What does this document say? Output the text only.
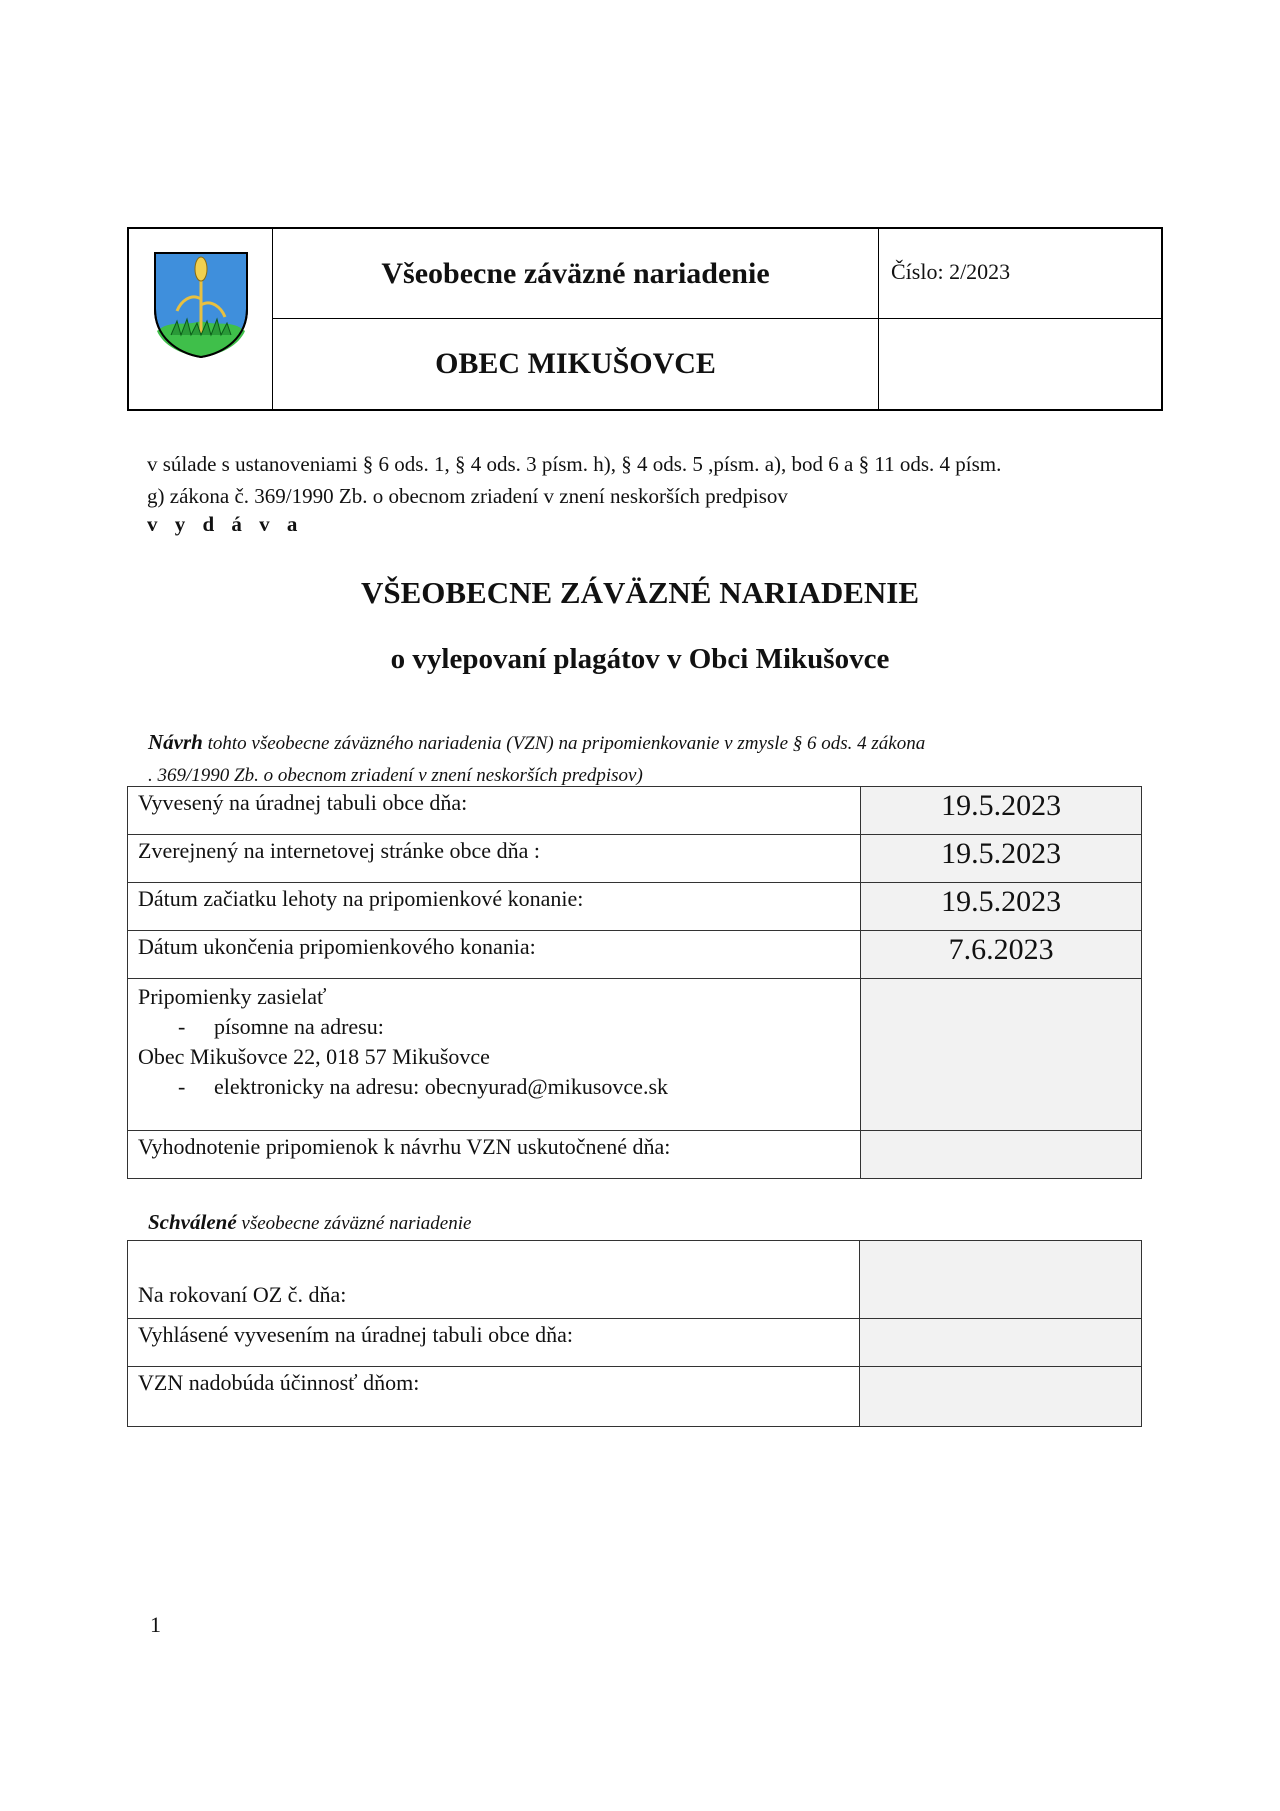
Všeobecne záväzné nariadenie	Číslo: 2/2023
OBEC MIKUŠOVCE
v súlade s ustanoveniami § 6 ods. 1, § 4 ods. 3 písm. h), § 4 ods. 5 ,písm. a), bod 6 a § 11 ods. 4 písm.
g) zákona č. 369/1990 Zb. o obecnom zriadení v znení neskorších predpisov
v y d á v a
VŠEOBECNE ZÁVÄZNÉ NARIADENIE
o vylepovaní plagátov v Obci Mikušovce
Návrh tohto všeobecne záväzného nariadenia (VZN) na pripomienkovanie v zmysle § 6 ods. 4 zákona
. 369/1990 Zb. o obecnom zriadení v znení neskorších predpisov)
Vyvesený na úradnej tabuli obce dňa:	19.5.2023
Zverejnený na internetovej stránke obce dňa :	19.5.2023
Dátum začiatku lehoty na pripomienkové konanie:	19.5.2023
Dátum ukončenia pripomienkového konania:	7.6.2023

Pripomienky zasielať
- písomne na adresu:
Obec Mikušovce 22, 018 57 Mikušovce
- elektronicky na adresu: obecnyurad@mikusovce.sk	

Vyhodnotenie pripomienok k návrhu VZN uskutočnené dňa:	
Schválené všeobecne záväzné nariadenie
Na rokovaní OZ č. dňa:	
Vyhlásené vyvesením na úradnej tabuli obce dňa:	
VZN nadobúda účinnosť dňom:	
1
